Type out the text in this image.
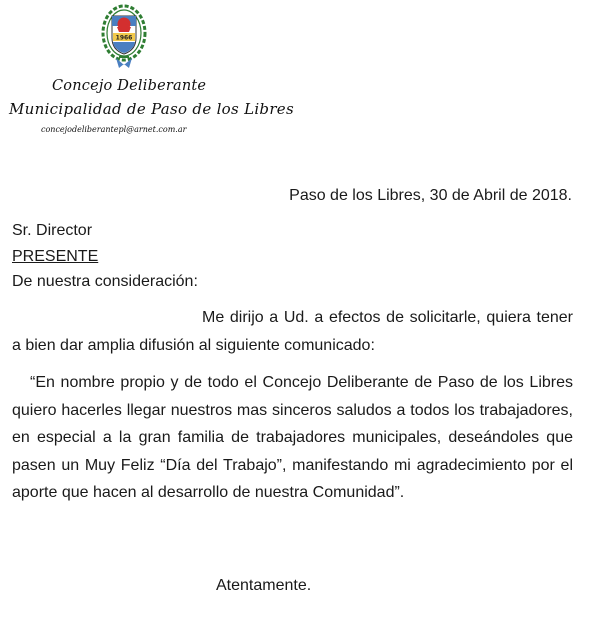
1966
Concejo Deliberante
Municipalidad de Paso de los Libres
concejodeliberantepl@arnet.com.ar
Paso de los Libres, 30 de Abril de 2018.
Sr. Director
PRESENTE
De nuestra consideración:

Me dirijo a Ud. a efectos de solicitarle, quiera tener a bien dar amplia difusión al siguiente comunicado:

“En nombre propio y de todo el Concejo Deliberante de Paso de los Libres quiero hacerles llegar nuestros mas sinceros saludos a todos los trabajadores, en especial a la gran familia de trabajadores municipales, deseándoles que pasen un Muy Feliz “Día del Trabajo”, manifestando mi agradecimiento por el aporte que hacen al desarrollo de nuestra Comunidad”.

Atentamente.
